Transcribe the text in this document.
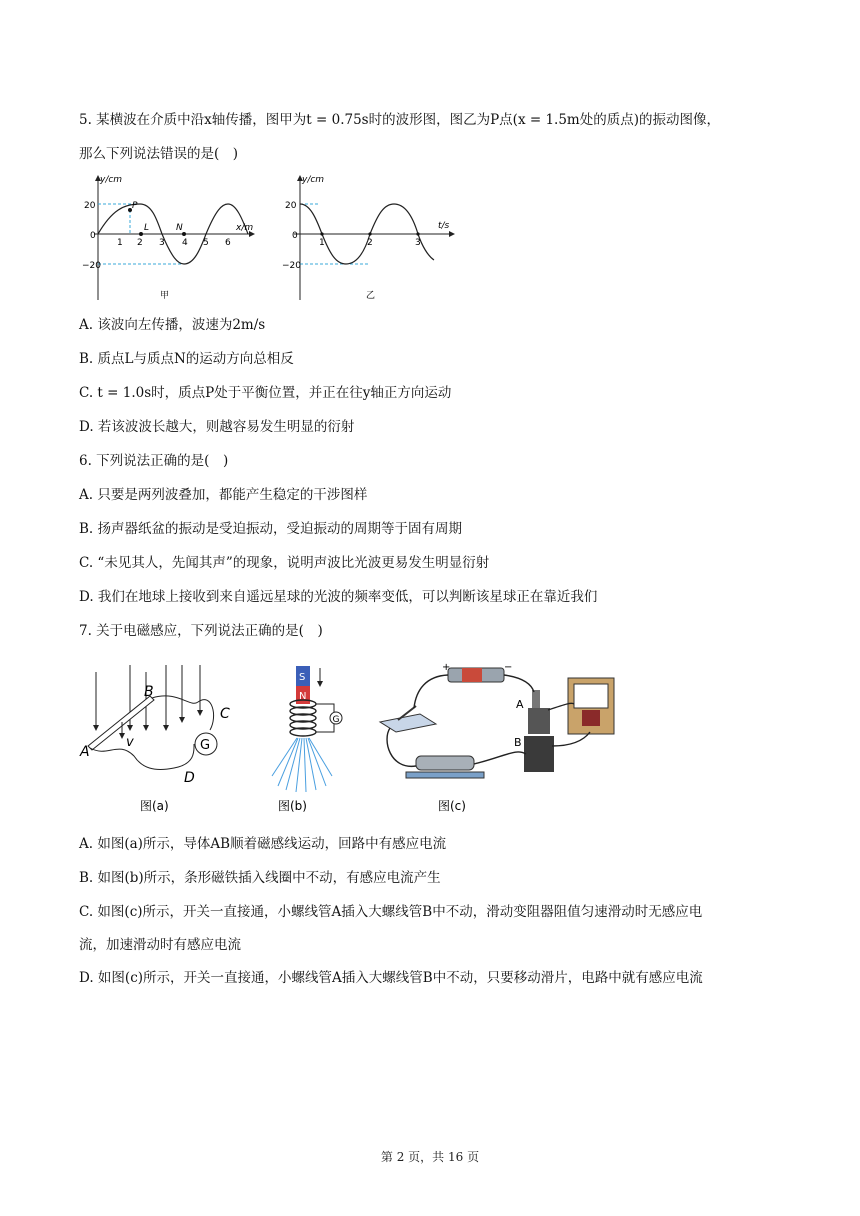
5. 某横波在介质中沿x轴传播，图甲为t = 0.75s时的波形图，图乙为P点(x = 1.5m处的质点)的振动图像，
那么下列说法错误的是(　)
y/cm
x/m
20
−20
0
1 2 3 4 5 6
P
L	N
甲
y/cm
t/s
20
−20
0
1	2	3
乙
A. 该波向左传播，波速为2m/s
B. 质点L与质点N的运动方向总相反
C. t = 1.0s时，质点P处于平衡位置，并正在往y轴正方向运动
D. 若该波波长越大，则越容易发生明显的衍射
6. 下列说法正确的是(　)
A. 只要是两列波叠加，都能产生稳定的干涉图样
B. 扬声器纸盆的振动是受迫振动，受迫振动的周期等于固有周期
C. “未见其人，先闻其声”的现象，说明声波比光波更易发生明显衍射
D. 我们在地球上接收到来自遥远星球的光波的频率变低，可以判断该星球正在靠近我们
7. 关于电磁感应，下列说法正确的是(　)
G
A
B
C
D
v
图(a)
S
N
G
图(b)
+	−
A
B
图(c)
A. 如图(a)所示，导体AB顺着磁感线运动，回路中有感应电流
B. 如图(b)所示，条形磁铁插入线圈中不动，有感应电流产生
C. 如图(c)所示，开关一直接通，小螺线管A插入大螺线管B中不动，滑动变阻器阻值匀速滑动时无感应电
流，加速滑动时有感应电流
D. 如图(c)所示，开关一直接通，小螺线管A插入大螺线管B中不动，只要移动滑片，电路中就有感应电流
第 2 页，共 16 页
